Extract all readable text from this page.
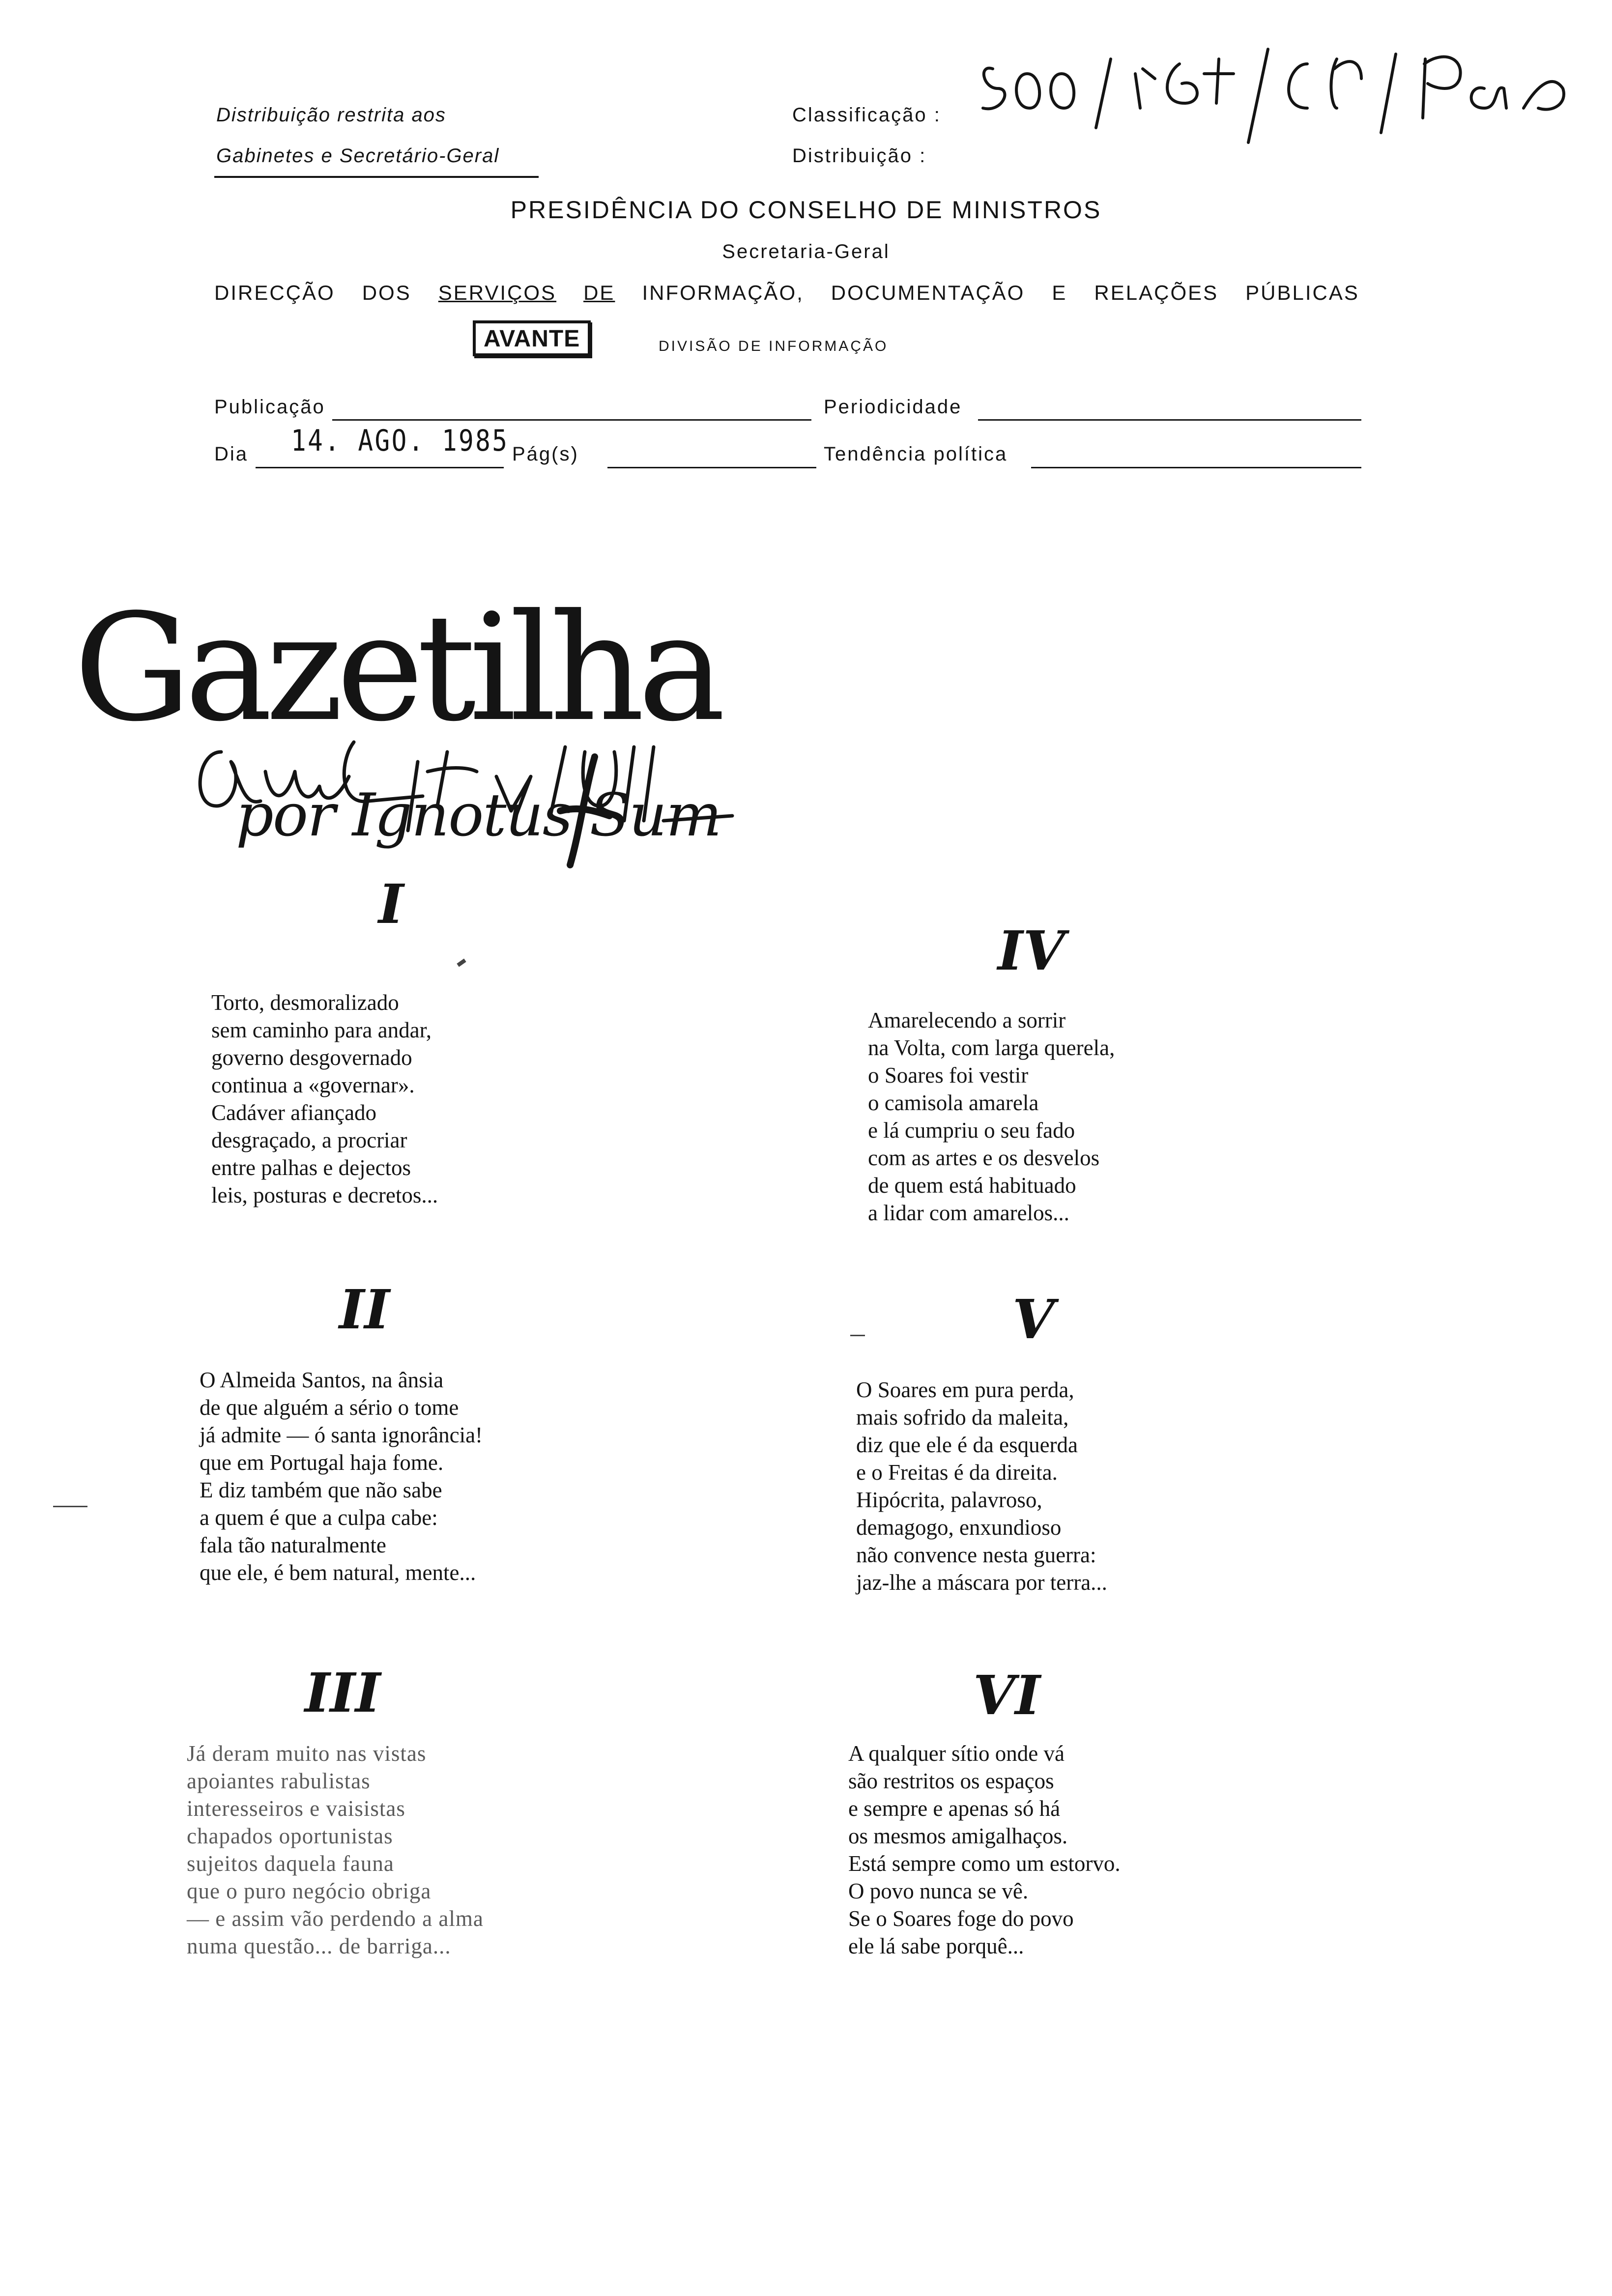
Distribuição restrita aos
Gabinetes e Secretário-Geral
Classificação :
Distribuição :
PRESIDÊNCIA DO CONSELHO DE MINISTROS
Secretaria-Geral
DIRECÇÃO DOS SERVIÇOS DE INFORMAÇÃO, DOCUMENTAÇÃO E RELAÇÕES PÚBLICAS
AVANTE	DIVISÃO DE INFORMAÇÃO
Publicação	Periodicidade
Dia 14. AGO. 1985 Pág(s)	Tendência política
Gazetilha
por Ignotus Sum
I
Torto, desmoralizado
sem caminho para andar,
governo desgovernado
continua a «governar».
Cadáver afiançado
desgraçado, a procriar
entre palhas e dejectos
leis, posturas e decretos...
II
O Almeida Santos, na ânsia
de que alguém a sério o tome
já admite — ó santa ignorância!
que em Portugal haja fome.
E diz também que não sabe
a quem é que a culpa cabe:
fala tão naturalmente
que ele, é bem natural, mente...
III
Já deram muito nas vistas
apoiantes rabulistas
interesseiros e vaisistas
chapados oportunistas
sujeitos daquela fauna
que o puro negócio obriga
— e assim vão perdendo a alma
numa questão... de barriga...
IV
Amarelecendo a sorrir
na Volta, com larga querela,
o Soares foi vestir
o camisola amarela
e lá cumpriu o seu fado
com as artes e os desvelos
de quem está habituado
a lidar com amarelos...
V
O Soares em pura perda,
mais sofrido da maleita,
diz que ele é da esquerda
e o Freitas é da direita.
Hipócrita, palavroso,
demagogo, enxundioso
não convence nesta guerra:
jaz-lhe a máscara por terra...
VI
A qualquer sítio onde vá
são restritos os espaços
e sempre e apenas só há
os mesmos amigalhaços.
Está sempre como um estorvo.
O povo nunca se vê.
Se o Soares foge do povo
ele lá sabe porquê...
